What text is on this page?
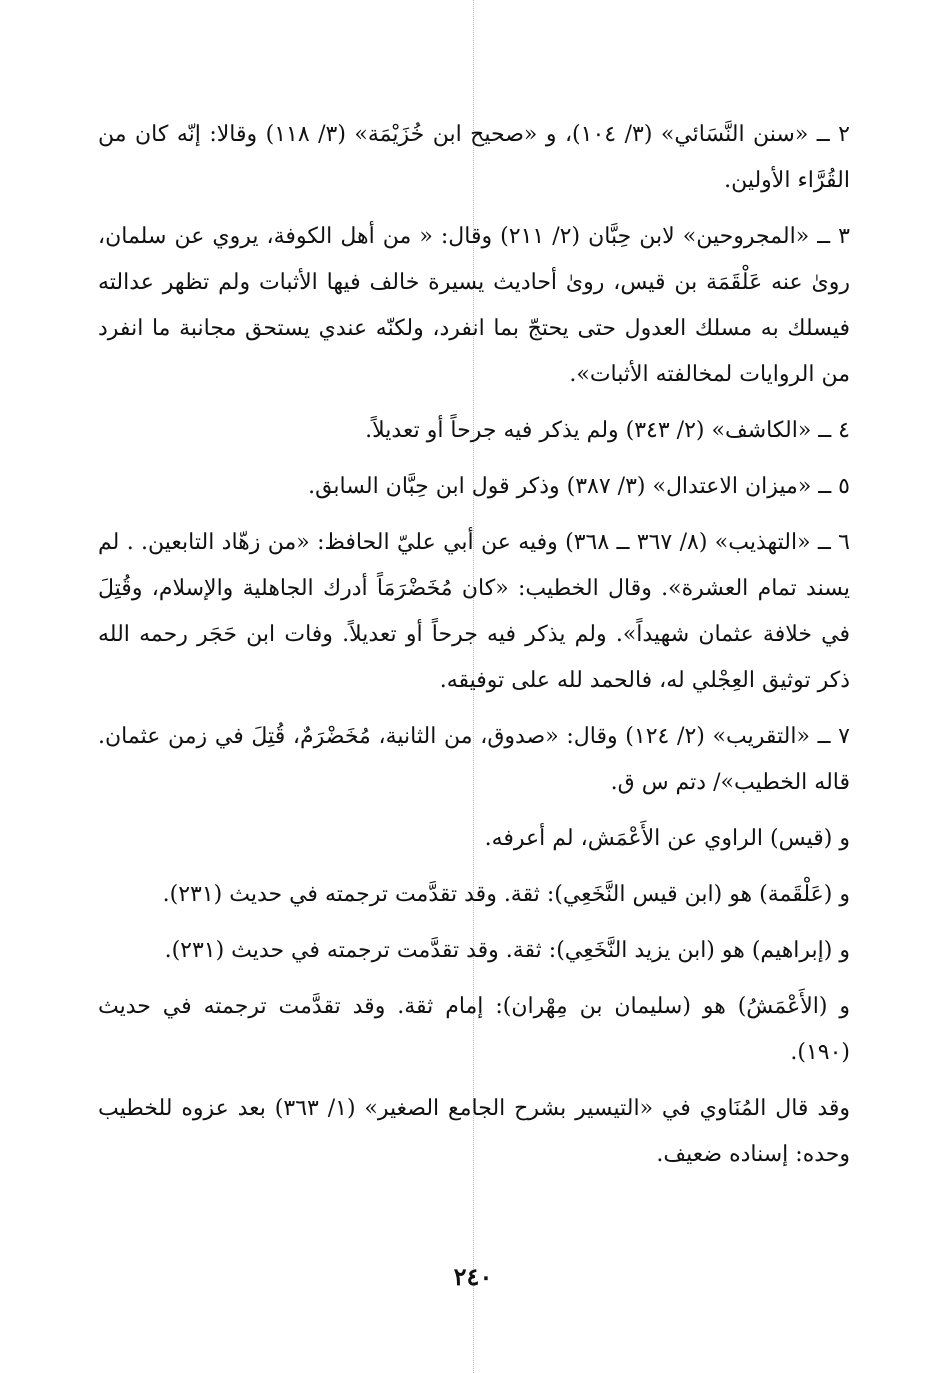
٢ ــ «سنن النَّسَائي» (٣/ ١٠٤)، و «صحيح ابن خُزَيْمَة» (٣/ ١١٨) وقالا: إنّه كان من القُرَّاء الأولين.

٣ ــ «المجروحين» لابن حِبَّان (٢/ ٢١١) وقال: « من أهل الكوفة، يروي عن سلمان، روىٰ عنه عَلْقَمَة بن قيس، روىٰ أحاديث يسيرة خالف فيها الأثبات ولم تظهر عدالته فيسلك به مسلك العدول حتى يحتجّ بما انفرد، ولكنّه عندي يستحق مجانبة ما انفرد من الروايات لمخالفته الأثبات».

٤ ــ «الكاشف» (٢/ ٣٤٣) ولم يذكر فيه جرحاً أو تعديلاً.

٥ ــ «ميزان الاعتدال» (٣/ ٣٨٧) وذكر قول ابن حِبَّان السابق.

٦ ــ «التهذيب» (٨/ ٣٦٧ ــ ٣٦٨) وفيه عن أبي عليّ الحافظ: «من زهّاد التابعين. . لم يسند تمام العشرة». وقال الخطيب: «كان مُخَضْرَمَاً أدرك الجاهلية والإسلام، وقُتِلَ في خلافة عثمان شهيداً». ولم يذكر فيه جرحاً أو تعديلاً. وفات ابن حَجَر رحمه الله ذكر توثيق العِجْلي له، فالحمد لله على توفيقه.

٧ ــ «التقريب» (٢/ ١٢٤) وقال: «صدوق، من الثانية، مُخَضْرَمٌ، قُتِلَ في زمن عثمان. قاله الخطيب»/ دتم س ق.

و (قيس) الراوي عن الأَعْمَش، لم أعرفه.

و (عَلْقَمة) هو (ابن قيس النَّخَعِي): ثقة. وقد تقدَّمت ترجمته في حديث (٢٣١).

و (إبراهيم) هو (ابن يزيد النَّخَعِي): ثقة. وقد تقدَّمت ترجمته في حديث (٢٣١).

و (الأَعْمَشُ) هو (سليمان بن مِهْران): إمام ثقة. وقد تقدَّمت ترجمته في حديث (١٩٠).

وقد قال المُنَاوي في «التيسير بشرح الجامع الصغير» (١/ ٣٦٣) بعد عزوه للخطيب وحده: إسناده ضعيف.

٢٤٠
